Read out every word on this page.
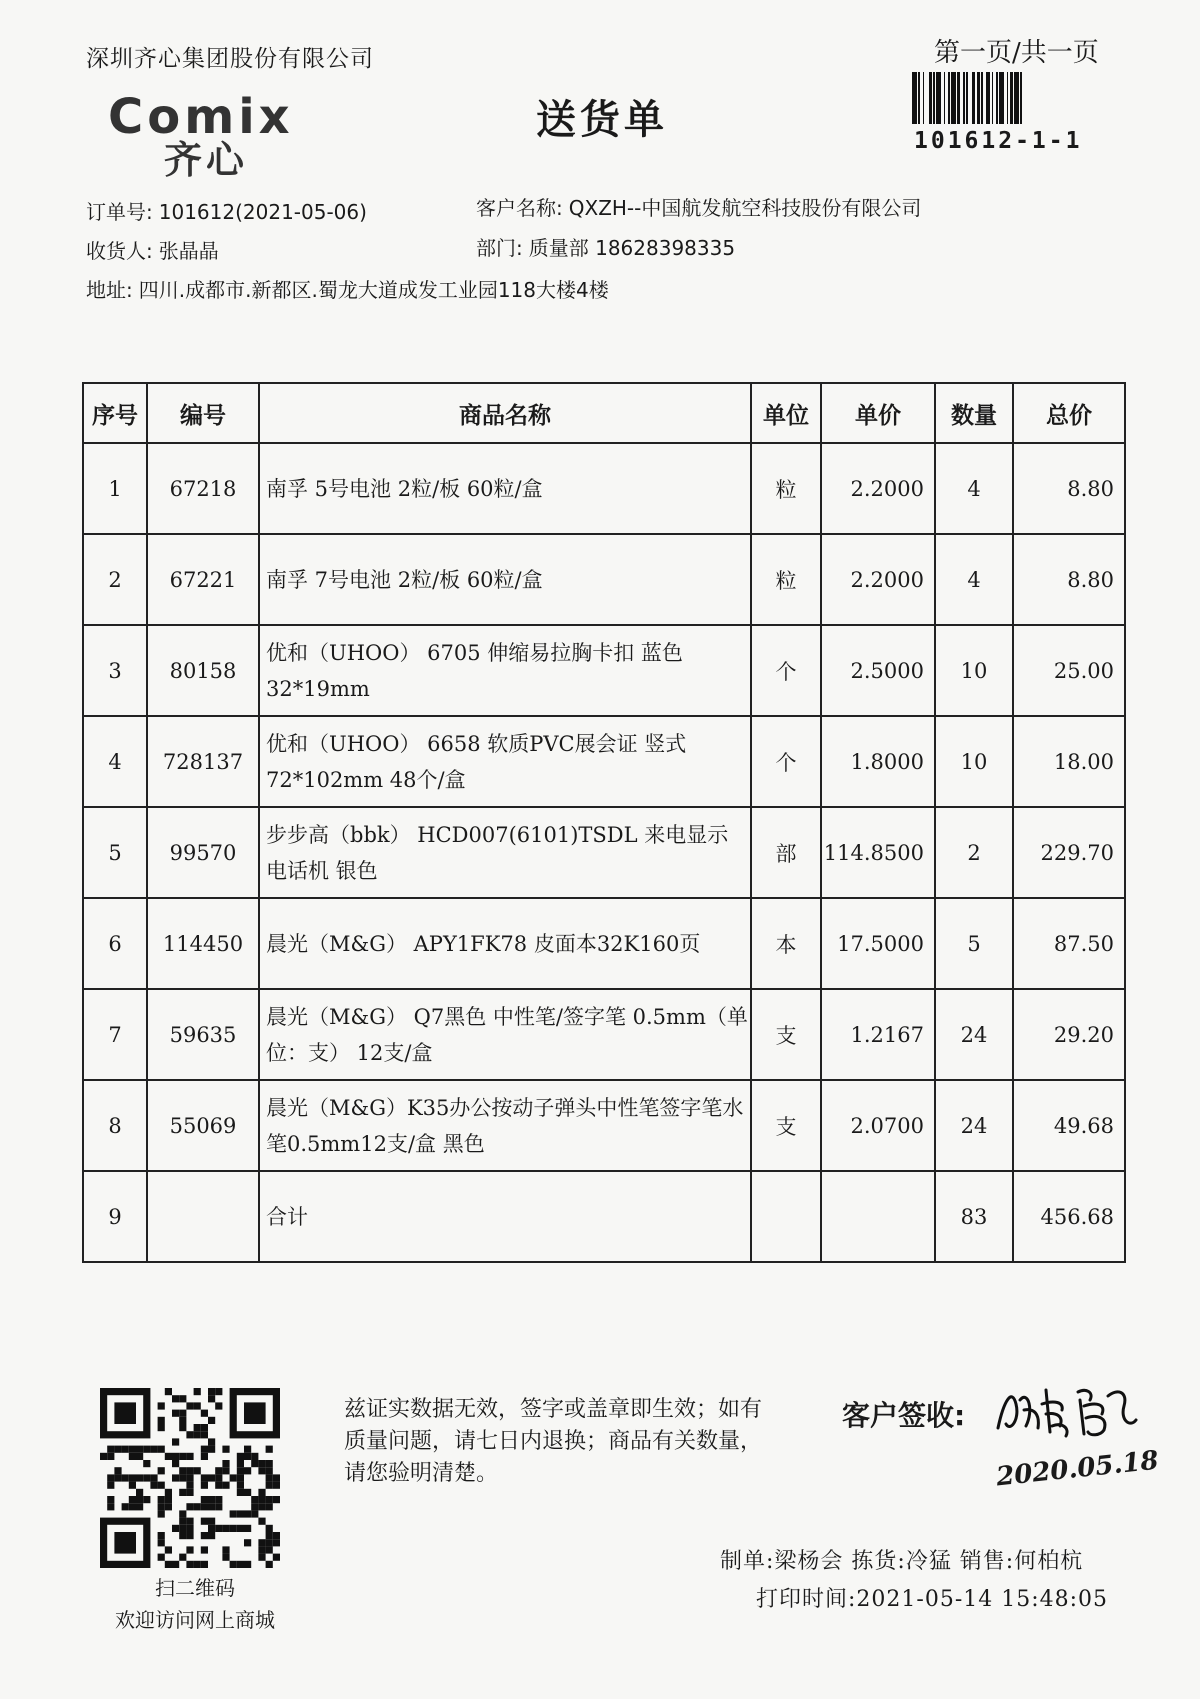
深圳齐心集团股份有限公司	第一页/共一页
101612-1-1
Comix
齐心
送货单
订单号: 101612(2021-05-06)	客户名称: QXZH--中国航发航空科技股份有限公司
收货人: 张晶晶	部门: 质量部 18628398335
地址: 四川.成都市.新都区.蜀龙大道成发工业园118大楼4楼
序号	编号	商品名称	单位	单价	数量	总价
1	67218	南孚 5号电池 2粒/板 60粒/盒	粒	2.2000	4	8.80
2	67221	南孚 7号电池 2粒/板 60粒/盒	粒	2.2000	4	8.80
3	80158	优和（UHOO） 6705 伸缩易拉胸卡扣 蓝色 32*19mm	个	2.5000	10	25.00
4	728137	优和（UHOO） 6658 软质PVC展会证 竖式 72*102mm 48个/盒	个	1.8000	10	18.00
5	99570	步步高（bbk） HCD007(6101)TSDL 来电显示电话机 银色	部	114.8500	2	229.70
6	114450	晨光（M&G） APY1FK78 皮面本32K160页	本	17.5000	5	87.50
7	59635	晨光（M&G） Q7黑色 中性笔/签字笔 0.5mm（单位：支） 12支/盒	支	1.2167	24	29.20
8	55069	晨光（M&G）K35办公按动子弹头中性笔签字笔水笔0.5mm12支/盒 黑色	支	2.0700	24	49.68
9		合计			83	456.68
扫二维码
欢迎访问网上商城
兹证实数据无效，签字或盖章即生效；如有质量问题，请七日内退换；商品有关数量，请您验明清楚。
客户签收:
2020.05.18
制单:梁杨会 拣货:冷猛 销售:何柏杭
打印时间:2021-05-14 15:48:05
